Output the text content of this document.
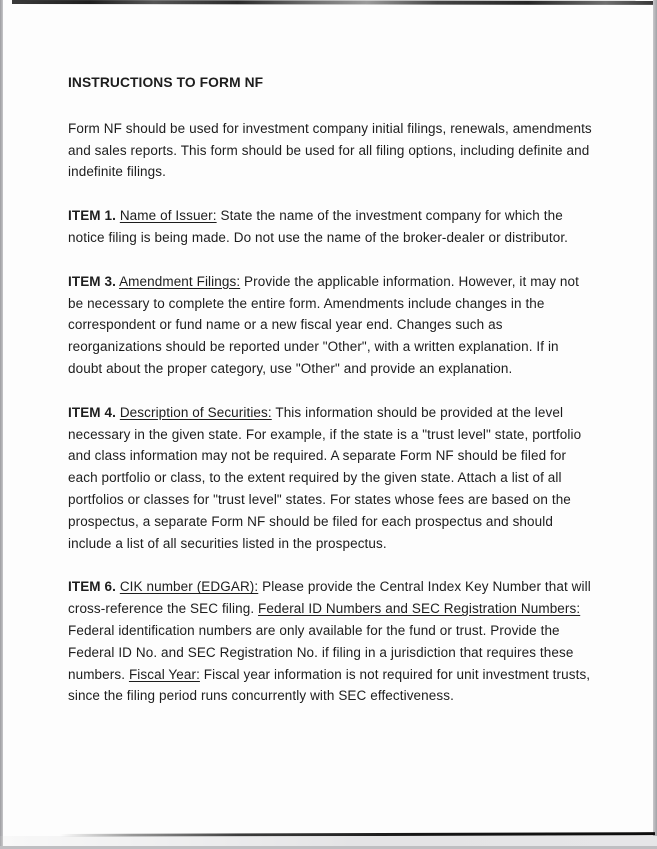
INSTRUCTIONS TO FORM NF

Form NF should be used for investment company initial filings, renewals, amendments and sales reports. This form should be used for all filing options, including definite and indefinite filings.

ITEM 1. Name of Issuer: State the name of the investment company for which the notice filing is being made. Do not use the name of the broker-dealer or distributor.

ITEM 3. Amendment Filings: Provide the applicable information. However, it may not be necessary to complete the entire form. Amendments include changes in the correspondent or fund name or a new fiscal year end. Changes such as reorganizations should be reported under "Other", with a written explanation. If in doubt about the proper category, use "Other" and provide an explanation.

ITEM 4. Description of Securities: This information should be provided at the level necessary in the given state. For example, if the state is a "trust level" state, portfolio and class information may not be required. A separate Form NF should be filed for each portfolio or class, to the extent required by the given state. Attach a list of all portfolios or classes for "trust level" states. For states whose fees are based on the prospectus, a separate Form NF should be filed for each prospectus and should include a list of all securities listed in the prospectus.

ITEM 6. CIK number (EDGAR): Please provide the Central Index Key Number that will cross-reference the SEC filing. Federal ID Numbers and SEC Registration Numbers: Federal identification numbers are only available for the fund or trust. Provide the Federal ID No. and SEC Registration No. if filing in a jurisdiction that requires these numbers. Fiscal Year: Fiscal year information is not required for unit investment trusts, since the filing period runs concurrently with SEC effectiveness.
